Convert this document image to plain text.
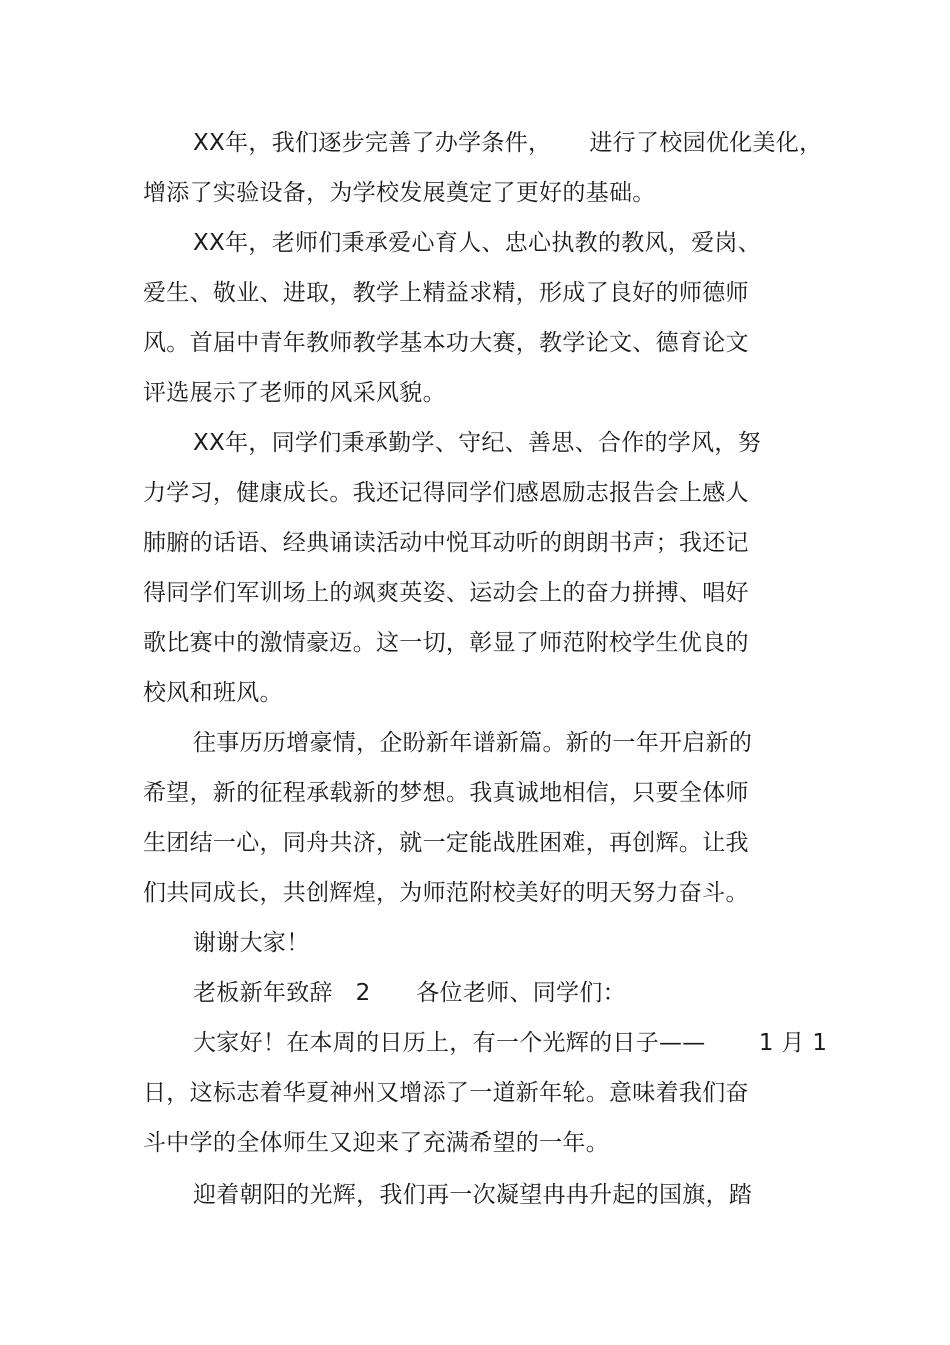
XX年，我们逐步完善了办学条件，     进行了校园优化美化，
增添了实验设备，为学校发展奠定了更好的基础。
XX年，老师们秉承爱心育人、忠心执教的教风，爱岗、
爱生、敬业、进取，教学上精益求精，形成了良好的师德师
风。首届中青年教师教学基本功大赛，教学论文、德育论文
评选展示了老师的风采风貌。
XX年，同学们秉承勤学、守纪、善思、合作的学风，努
力学习，健康成长。我还记得同学们感恩励志报告会上感人
肺腑的话语、经典诵读活动中悦耳动听的朗朗书声；我还记
得同学们军训场上的飒爽英姿、运动会上的奋力拼搏、唱好
歌比赛中的激情豪迈。这一切，彰显了师范附校学生优良的
校风和班风。
往事历历增豪情，企盼新年谱新篇。新的一年开启新的
希望，新的征程承载新的梦想。我真诚地相信，只要全体师
生团结一心，同舟共济，就一定能战胜困难，再创辉。让我
们共同成长，共创辉煌，为师范附校美好的明天努力奋斗。
谢谢大家！
老板新年致辞   2      各位老师、同学们：
大家好！在本周的日历上，有一个光辉的日子——       1 月 1
日，这标志着华夏神州又增添了一道新年轮。意味着我们奋
斗中学的全体师生又迎来了充满希望的一年。
迎着朝阳的光辉，我们再一次凝望冉冉升起的国旗，踏
